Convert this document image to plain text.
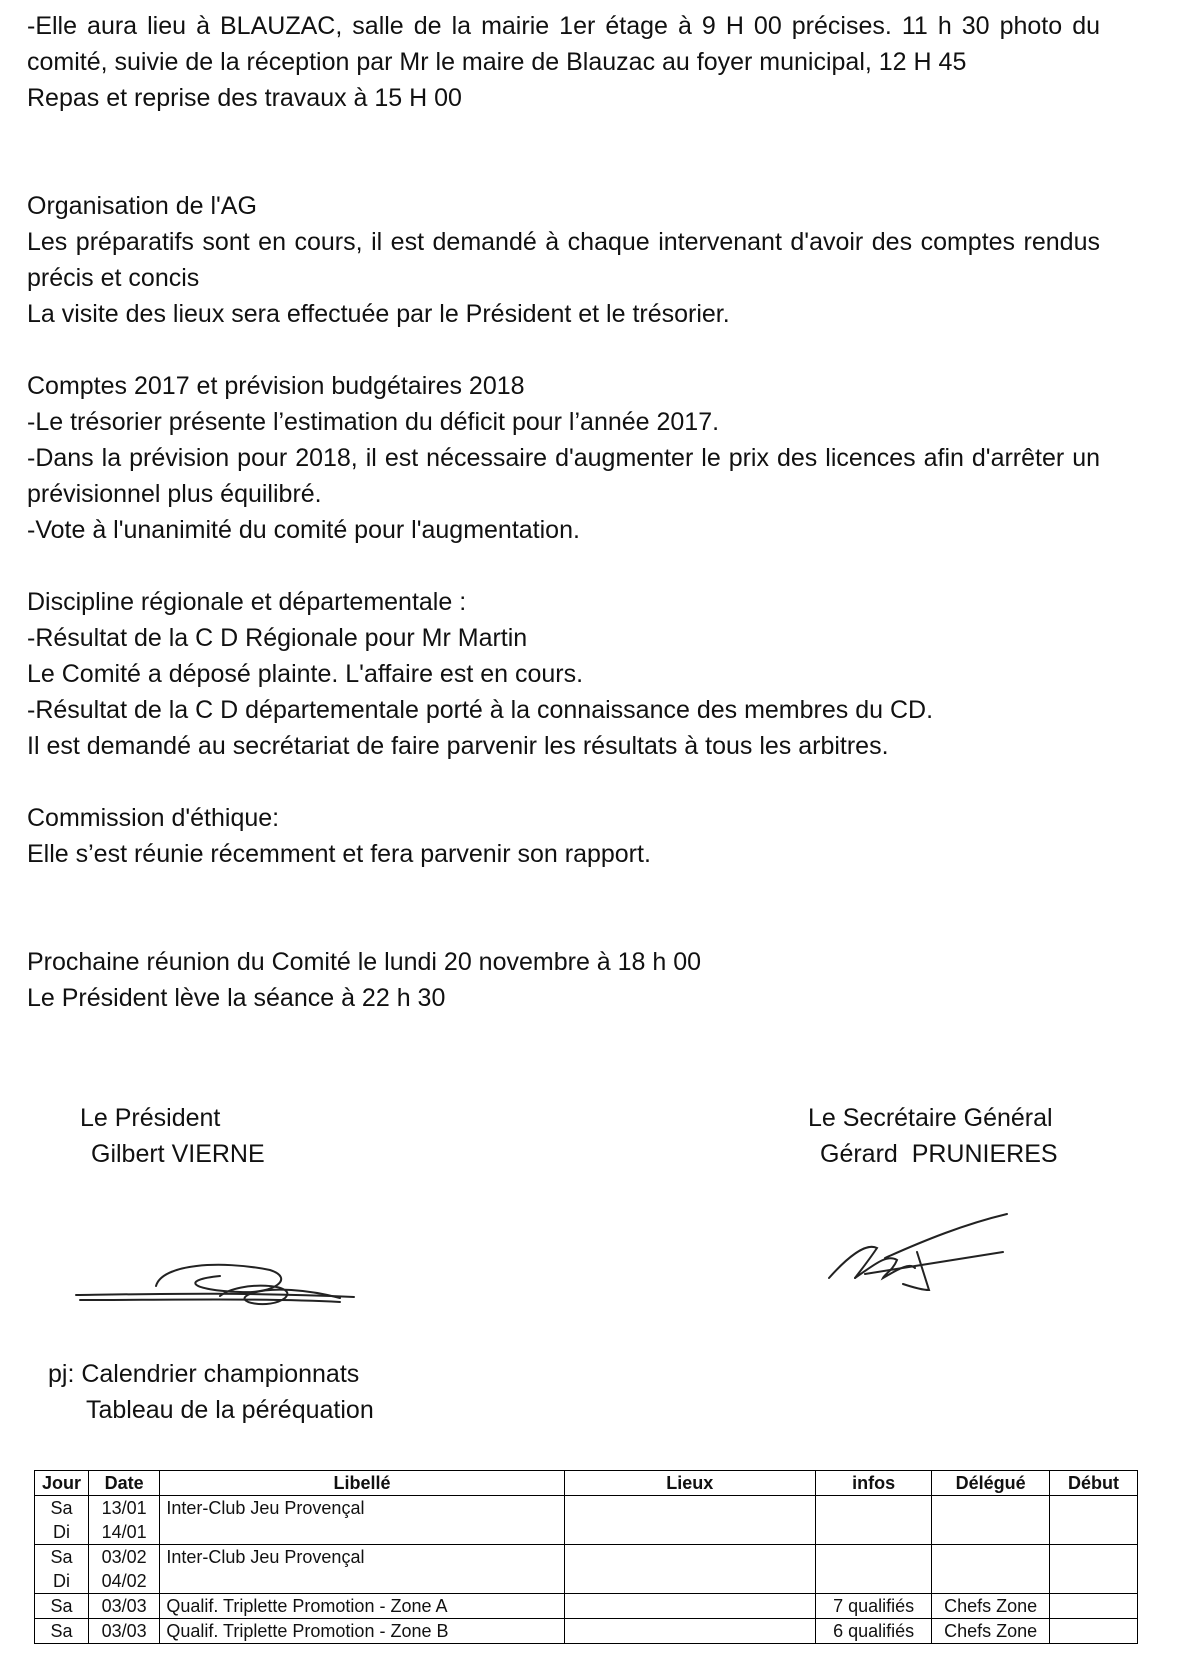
-Elle aura lieu à BLAUZAC, salle de la mairie 1er étage à 9 H 00 précises. 11 h 30 photo du comité, suivie de la réception par Mr le maire de Blauzac au foyer municipal, 12 H 45

Repas et reprise des travaux à 15 H 00

Organisation de l'AG

Les préparatifs sont en cours, il est demandé à chaque intervenant d'avoir des comptes rendus précis et concis

La visite des lieux sera effectuée par le Président et le trésorier.

Comptes 2017 et prévision budgétaires 2018

-Le trésorier présente l’estimation du déficit pour l’année 2017.

-Dans la prévision pour 2018, il est nécessaire d'augmenter le prix des licences afin d'arrêter un prévisionnel plus équilibré.

-Vote à l'unanimité du comité pour l'augmentation.

Discipline régionale et départementale :

-Résultat de la C D Régionale pour Mr Martin

Le Comité a déposé plainte. L'affaire est en cours.

-Résultat de la C D départementale porté à la connaissance des membres du CD.

Il est demandé au secrétariat de faire parvenir les résultats à tous les arbitres.

Commission d'éthique:

Elle s’est réunie récemment et fera parvenir son rapport.

Prochaine réunion du Comité le lundi 20 novembre à 18 h 00

Le Président lève la séance à 22 h 30

Le Président
Gilbert VIERNE
Le Secrétaire Général
Gérard  PRUNIERES
pj: Calendrier championnats
Tableau de la péréquation
Jour	Date	Libellé	Lieux	infos	Délégué	Début
Sa	13/01	Inter-Club Jeu Provençal				
Di	14/01					
Sa	03/02	Inter-Club Jeu Provençal				
Di	04/02					
Sa	03/03	Qualif. Triplette Promotion - Zone A		7 qualifiés	Chefs Zone	
Sa	03/03	Qualif. Triplette Promotion - Zone B		6 qualifiés	Chefs Zone	
